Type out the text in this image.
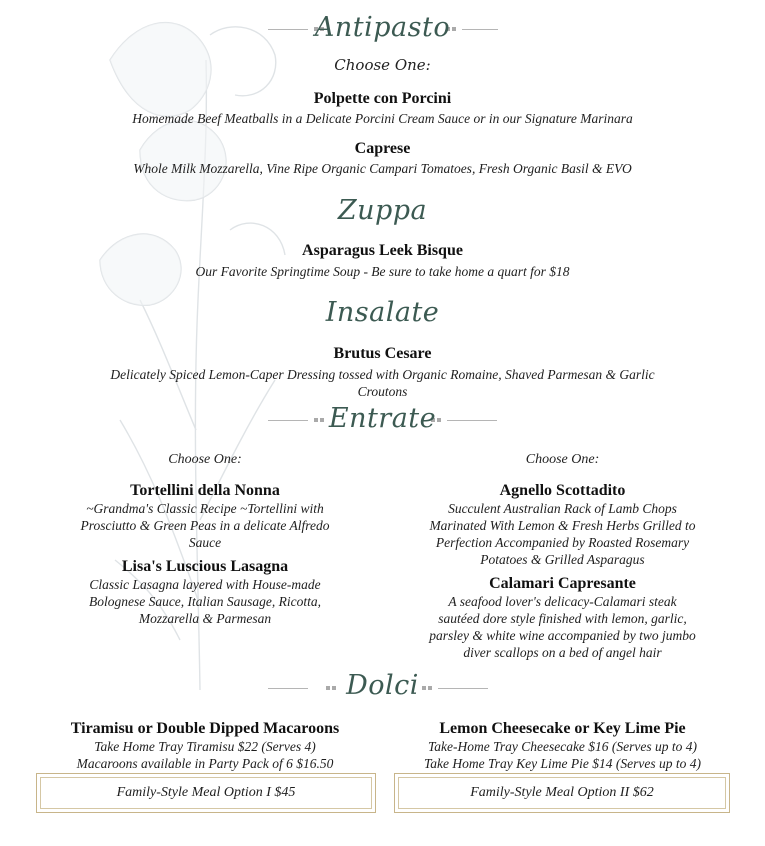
Antipasto
Choose One:
Polpette con Porcini
Homemade Beef Meatballs in a Delicate Porcini Cream Sauce or in our Signature Marinara
Caprese
Whole Milk Mozzarella, Vine Ripe Organic Campari Tomatoes, Fresh Organic Basil & EVO
Zuppa
Asparagus Leek Bisque
Our Favorite Springtime Soup - Be sure to take home a quart for $18
Insalate
Brutus Cesare
Delicately Spiced Lemon-Caper Dressing tossed with Organic Romaine, Shaved Parmesan & Garlic
Croutons
Entrate
Choose One:
Tortellini della Nonna
~Grandma's Classic Recipe ~Tortellini with
Prosciutto & Green Peas in a delicate Alfredo
Sauce
Lisa's Luscious Lasagna
Classic Lasagna layered with House-made
Bolognese Sauce, Italian Sausage, Ricotta,
Mozzarella & Parmesan
Choose One:
Agnello Scottadito
Succulent Australian Rack of Lamb Chops
Marinated With Lemon & Fresh Herbs Grilled to
Perfection Accompanied by Roasted Rosemary
Potatoes & Grilled Asparagus
Calamari Capresante
A seafood lover's delicacy-Calamari steak
sautéed dore style finished with lemon, garlic,
parsley & white wine accompanied by two jumbo
diver scallops on a bed of angel hair
Dolci
Tiramisu or Double Dipped Macaroons
Take Home Tray Tiramisu $22 (Serves 4)
Macaroons available in Party Pack of 6 $16.50
Lemon Cheesecake or Key Lime Pie
Take-Home Tray Cheesecake $16 (Serves up to 4)
Take Home Tray Key Lime Pie $14 (Serves up to 4)
Family-Style Meal Option I $45	Family-Style Meal Option II $62
